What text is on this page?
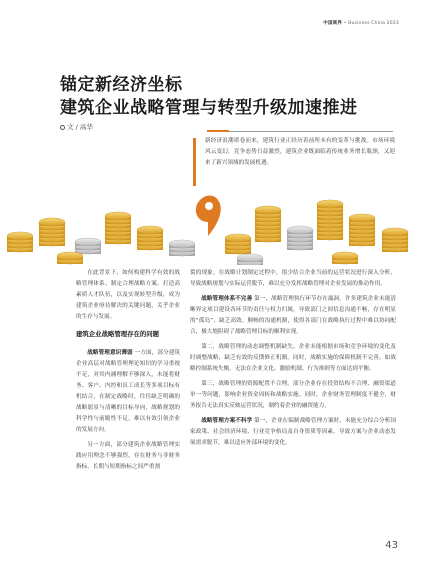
中国商界 • Business China 2023
锚定新经济坐标
建筑企业战略管理与转型升级加速推进
文 / 高华
新经济浪潮席卷而来，建筑行业正经历着前所未有的变革与挑战。市场环境风云变幻，竞争态势日益激烈，建筑企业既面临着传统业务增长瓶颈，又迎来了新兴领域的发展机遇。

在此背景下，如何构建科学有效的战略管理体系、制定合理战略方案、打造高素质人才队伍，以及实现转型升级，成为建筑企业亟待解决的关键问题，关乎企业的生存与发展。

建筑企业战略管理存在的问题

战略管理意识薄弱 一方面，部分建筑企业高层对战略管理理论知识的学习重视不足，对其内涵理解不够深入，未能将财务、客户、内控和员工成长等多项目标有机结合，在制定战略时，往往缺乏明确的战略愿景与清晰的目标导向，战略规划的科学性与前瞻性不足，难以有效引领企业的发展方向。

另一方面，部分建筑企业战略管理实践应用理念不够强烈，存在财务与非财务指标、长期与短期指标之间严重割

裂的现象。在战略计划制定过程中，很少结合企业当前的运营状况进行深入分析，导致战略规划与实际运营脱节，难以充分发挥战略管理对企业发展的推动作用。

战略管理体系不完善 第一，战略管理执行环节存在漏洞。许多建筑企业未能清晰界定项目建设各环节的责任与权力归属，导致部门之间信息沟通不畅，存在明显的“孤岛”、缺乏高效、顺畅的沟通机制，使得各部门在战略执行过程中难以协同配合，极大地阻碍了战略管理目标的顺利实现。

第二，战略管理的动态调整机制缺失。企业未能根据市场和竞争环境的变化及时调整战略，缺乏有效的反馈修正机制。同时，战略实施的保障机制不完善，如战略控制系统失衡，无法在企业文化、激励机制、行为准则等方面达到平衡。

第三，战略管理的资源配置不合理。部分企业存在投资结构不合理、融资渠道单一等问题，影响企业资金周转和战略实施。同时，企业财务管理制度不健全，财务报告无法真实反映运营状况，制约着企业的融资能力。

战略管理方案不科学 第一，企业在编制战略管理方案时，未能充分综合分析国家政策、社会经济环境、行业竞争格局及自身资质等因素，导致方案与企业动态发展需求脱节，难以适应外部环境的变化。

43
